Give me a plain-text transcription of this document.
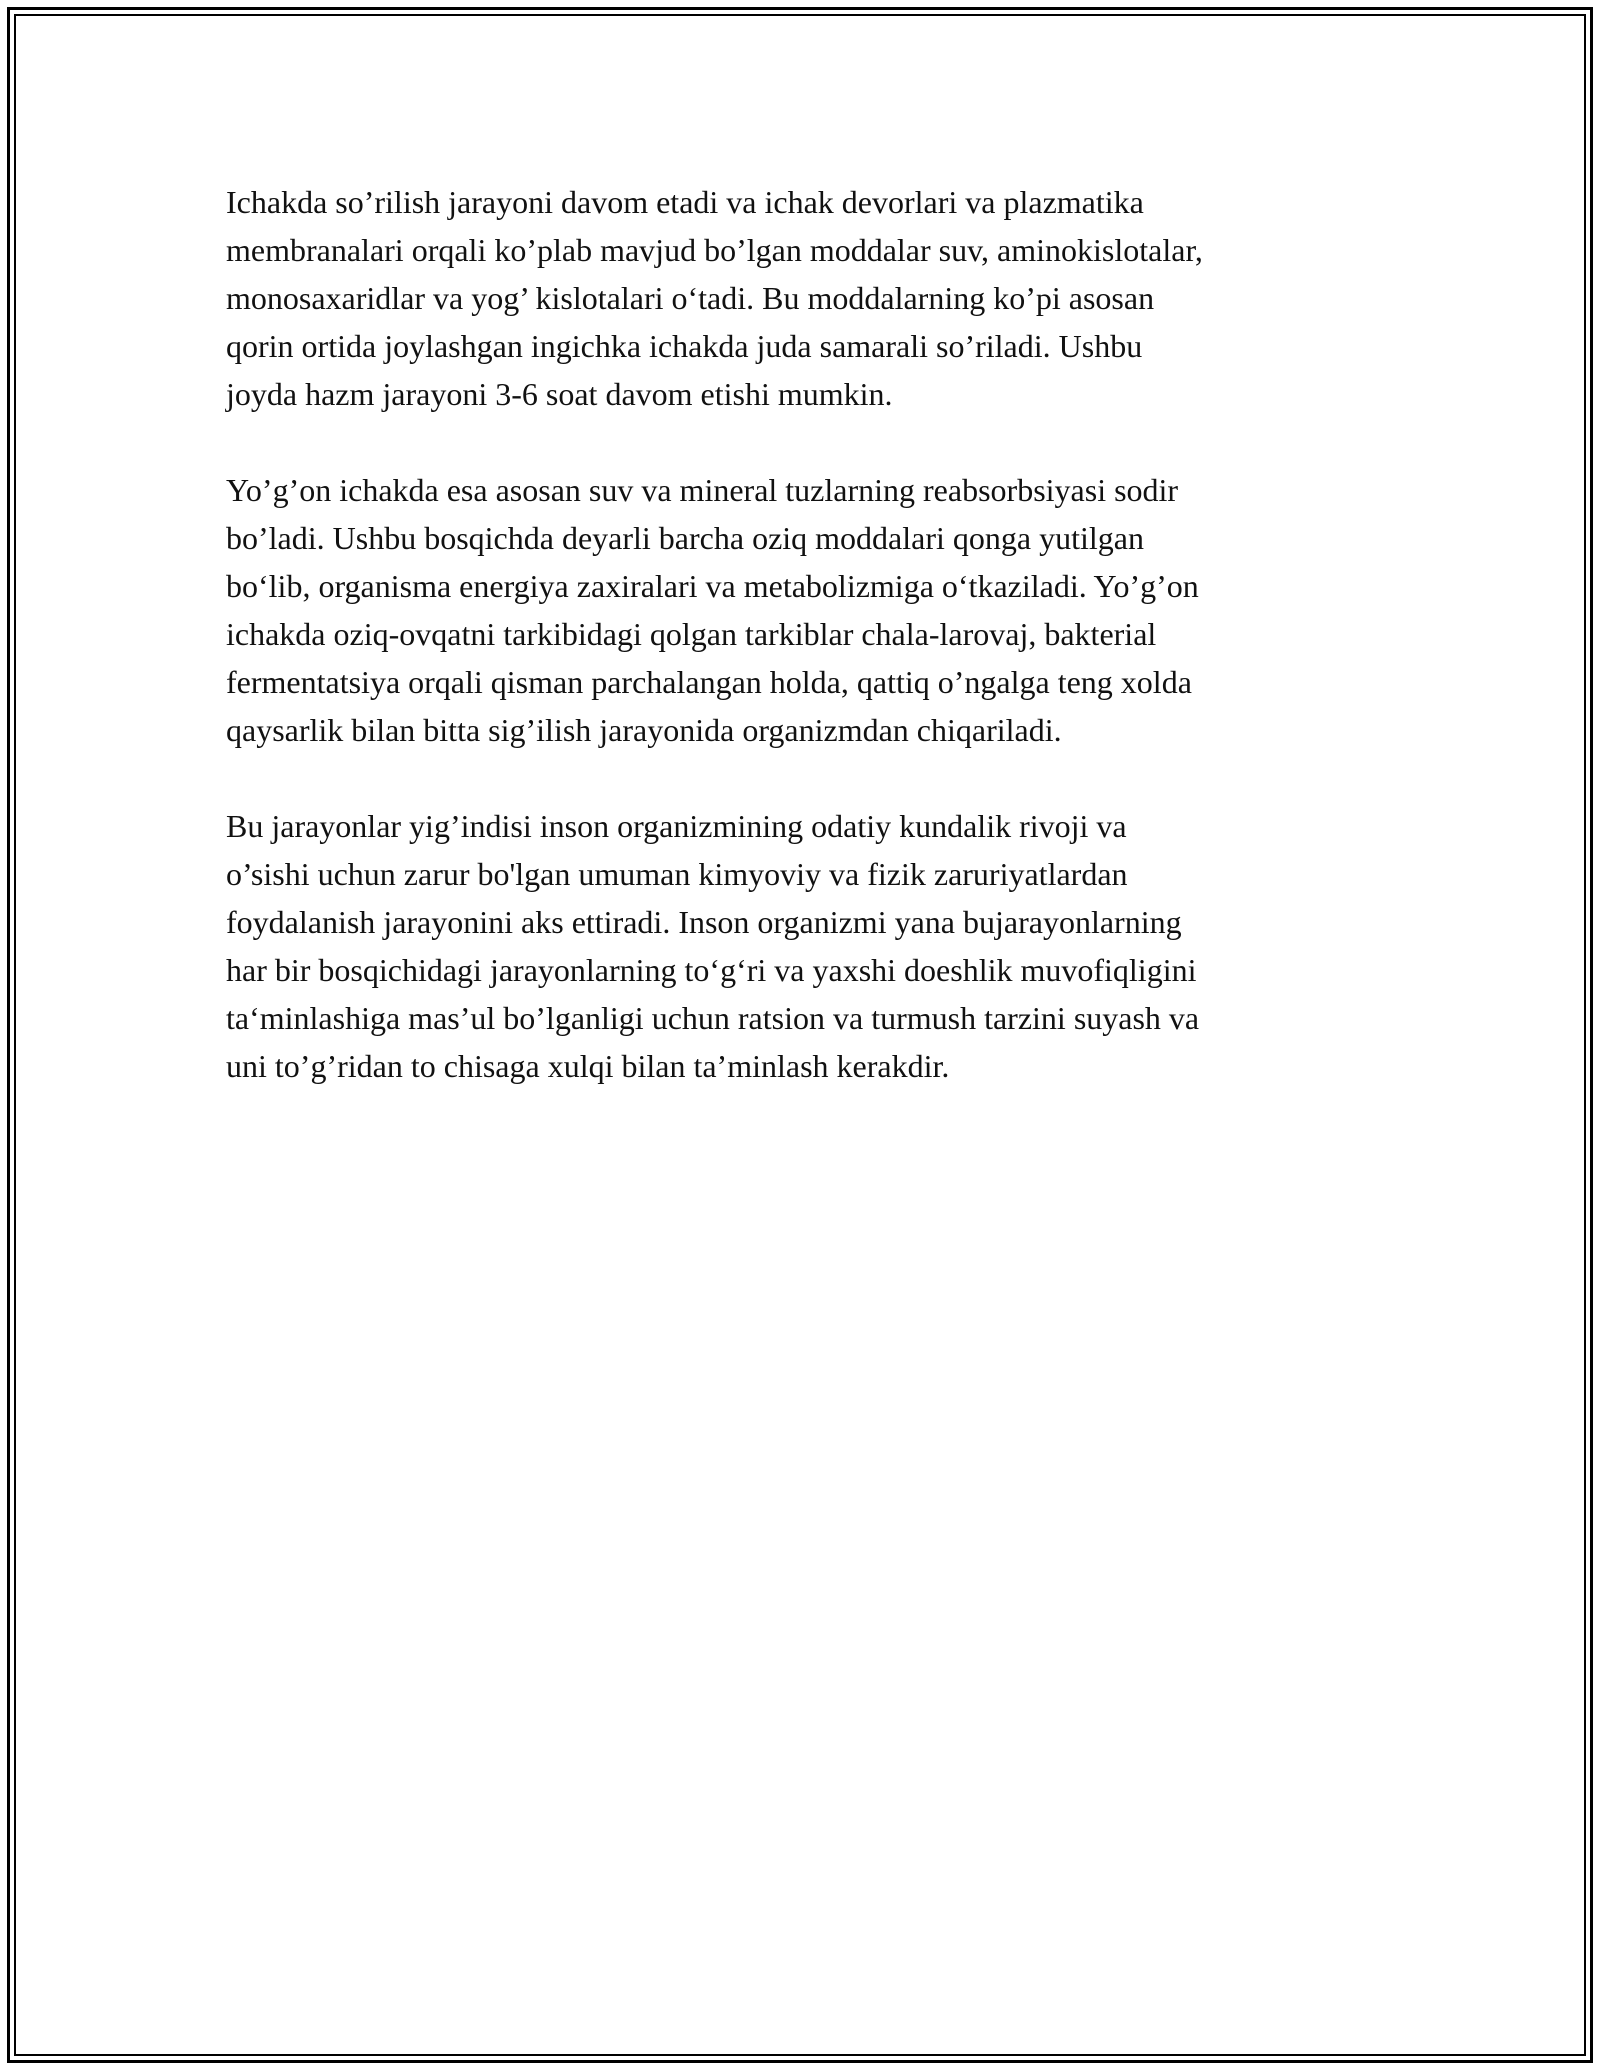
Ichakda so’rilish jarayoni davom etadi va ichak devorlari va plazmatika
membranalari orqali ko’plab mavjud bo’lgan moddalar suv, aminokislotalar,
monosaxaridlar va yog’ kislotalari o‘tadi. Bu moddalarning ko’pi asosan
qorin ortida joylashgan ingichka ichakda juda samarali so’riladi. Ushbu
joyda hazm jarayoni 3-6 soat davom etishi mumkin.

Yo’g’on ichakda esa asosan suv va mineral tuzlarning reabsorbsiyasi sodir
bo’ladi. Ushbu bosqichda deyarli barcha oziq moddalari qonga yutilgan
bo‘lib, organisma energiya zaxiralari va metabolizmiga o‘tkaziladi. Yo’g’on
ichakda oziq-ovqatni tarkibidagi qolgan tarkiblar chala-larovaj, bakterial
fermentatsiya orqali qisman parchalangan holda, qattiq o’ngalga teng xolda
qaysarlik bilan bitta sig’ilish jarayonida organizmdan chiqariladi.

Bu jarayonlar yig’indisi inson organizmining odatiy kundalik rivoji va
o’sishi uchun zarur bo'lgan umuman kimyoviy va fizik zaruriyatlardan
foydalanish jarayonini aks ettiradi. Inson organizmi yana bujarayonlarning
har bir bosqichidagi jarayonlarning to‘g‘ri va yaxshi doeshlik muvofiqligini
ta‘minlashiga mas’ul bo’lganligi uchun ratsion va turmush tarzini suyash va
uni to’g’ridan to chisaga xulqi bilan ta’minlash kerakdir.
